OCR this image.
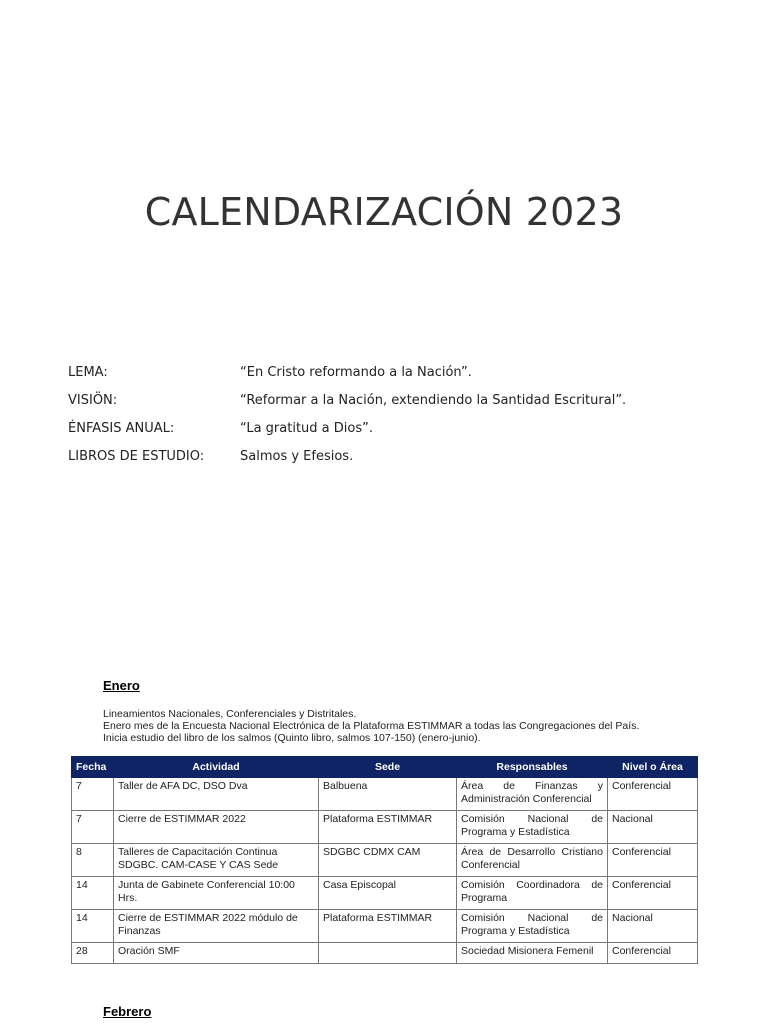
CALENDARIZACIÓN 2023
LEMA:	“En Cristo reformando a la Nación”.
VISIÖN:	“Reformar a la Nación, extendiendo la Santidad Escritural”.
ÉNFASIS ANUAL:	“La gratitud a Dios”.
LIBROS DE ESTUDIO:	Salmos y Efesios.
Enero
Lineamientos Nacionales, Conferenciales y Distritales.
Enero mes de la Encuesta Nacional Electrónica de la Plataforma ESTIMMAR a todas las Congregaciones del País.
Inicia estudio del libro de los salmos (Quinto libro, salmos 107-150) (enero-junio).
Fecha	Actividad	Sede	Responsables	Nivel o Área
7	Taller de AFA DC, DSO Dva	Balbuena	Área de Finanzas y Administración Conferencial	Conferencial
7	Cierre de ESTIMMAR 2022	Plataforma ESTIMMAR	Comisión Nacional de Programa y Estadística	Nacional
8	Talleres de Capacitación Continua SDGBC. CAM-CASE Y CAS Sede	SDGBC CDMX CAM	Área de Desarrollo Cristiano Conferencial	Conferencial
14	Junta de Gabinete Conferencial 10:00 Hrs.	Casa Episcopal	Comisión Coordinadora de Programa	Conferencial
14	Cierre de ESTIMMAR 2022 módulo de Finanzas	Plataforma ESTIMMAR	Comisión Nacional de Programa y Estadística	Nacional
28	Oración SMF		Sociedad Misionera Femenil	Conferencial
Febrero
